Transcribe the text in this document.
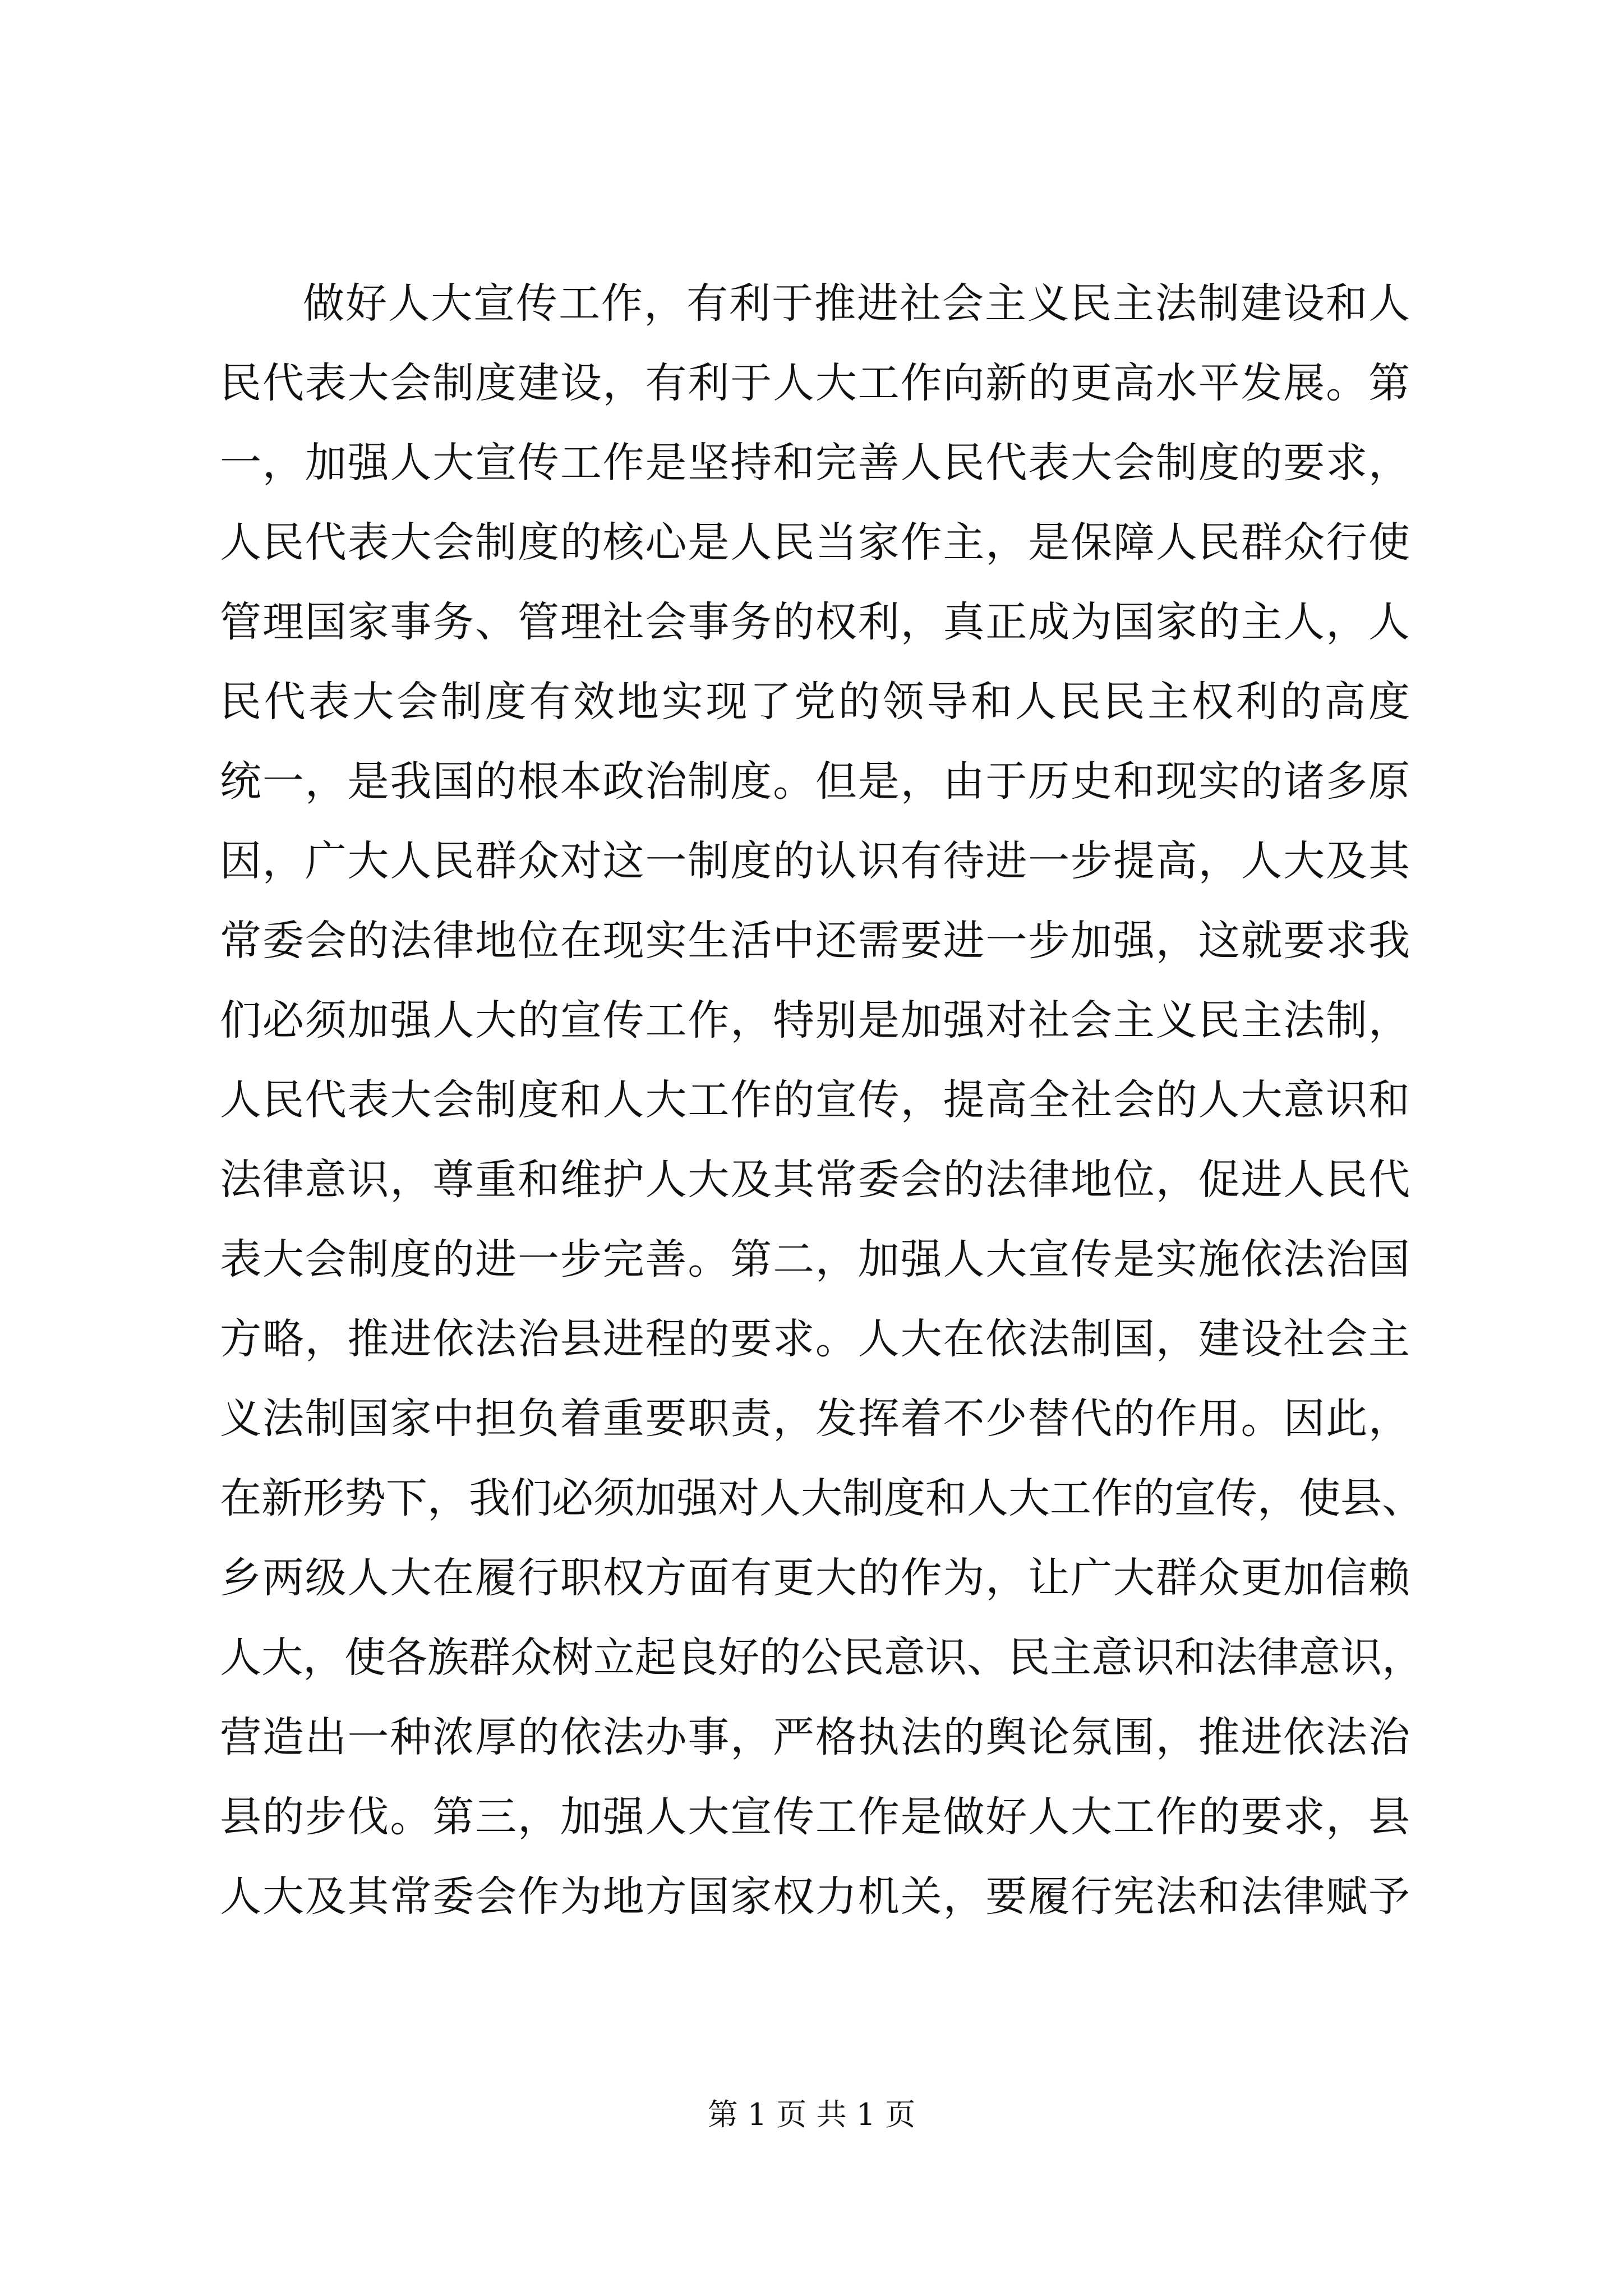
做好人大宣传工作，有利于推进社会主义民主法制建设和人
民代表大会制度建设，有利于人大工作向新的更高水平发展。第
一，加强人大宣传工作是坚持和完善人民代表大会制度的要求，
人民代表大会制度的核心是人民当家作主，是保障人民群众行使
管理国家事务、管理社会事务的权利，真正成为国家的主人，人
民代表大会制度有效地实现了党的领导和人民民主权利的高度
统一，是我国的根本政治制度。但是，由于历史和现实的诸多原
因，广大人民群众对这一制度的认识有待进一步提高，人大及其
常委会的法律地位在现实生活中还需要进一步加强，这就要求我
们必须加强人大的宣传工作，特别是加强对社会主义民主法制，
人民代表大会制度和人大工作的宣传，提高全社会的人大意识和
法律意识，尊重和维护人大及其常委会的法律地位，促进人民代
表大会制度的进一步完善。第二，加强人大宣传是实施依法治国
方略，推进依法治县进程的要求。人大在依法制国，建设社会主
义法制国家中担负着重要职责，发挥着不少替代的作用。因此，
在新形势下，我们必须加强对人大制度和人大工作的宣传，使县、
乡两级人大在履行职权方面有更大的作为，让广大群众更加信赖
人大，使各族群众树立起良好的公民意识、民主意识和法律意识，
营造出一种浓厚的依法办事，严格执法的舆论氛围，推进依法治
县的步伐。第三，加强人大宣传工作是做好人大工作的要求，县
人大及其常委会作为地方国家权力机关，要履行宪法和法律赋予
第 1 页 共 1 页
